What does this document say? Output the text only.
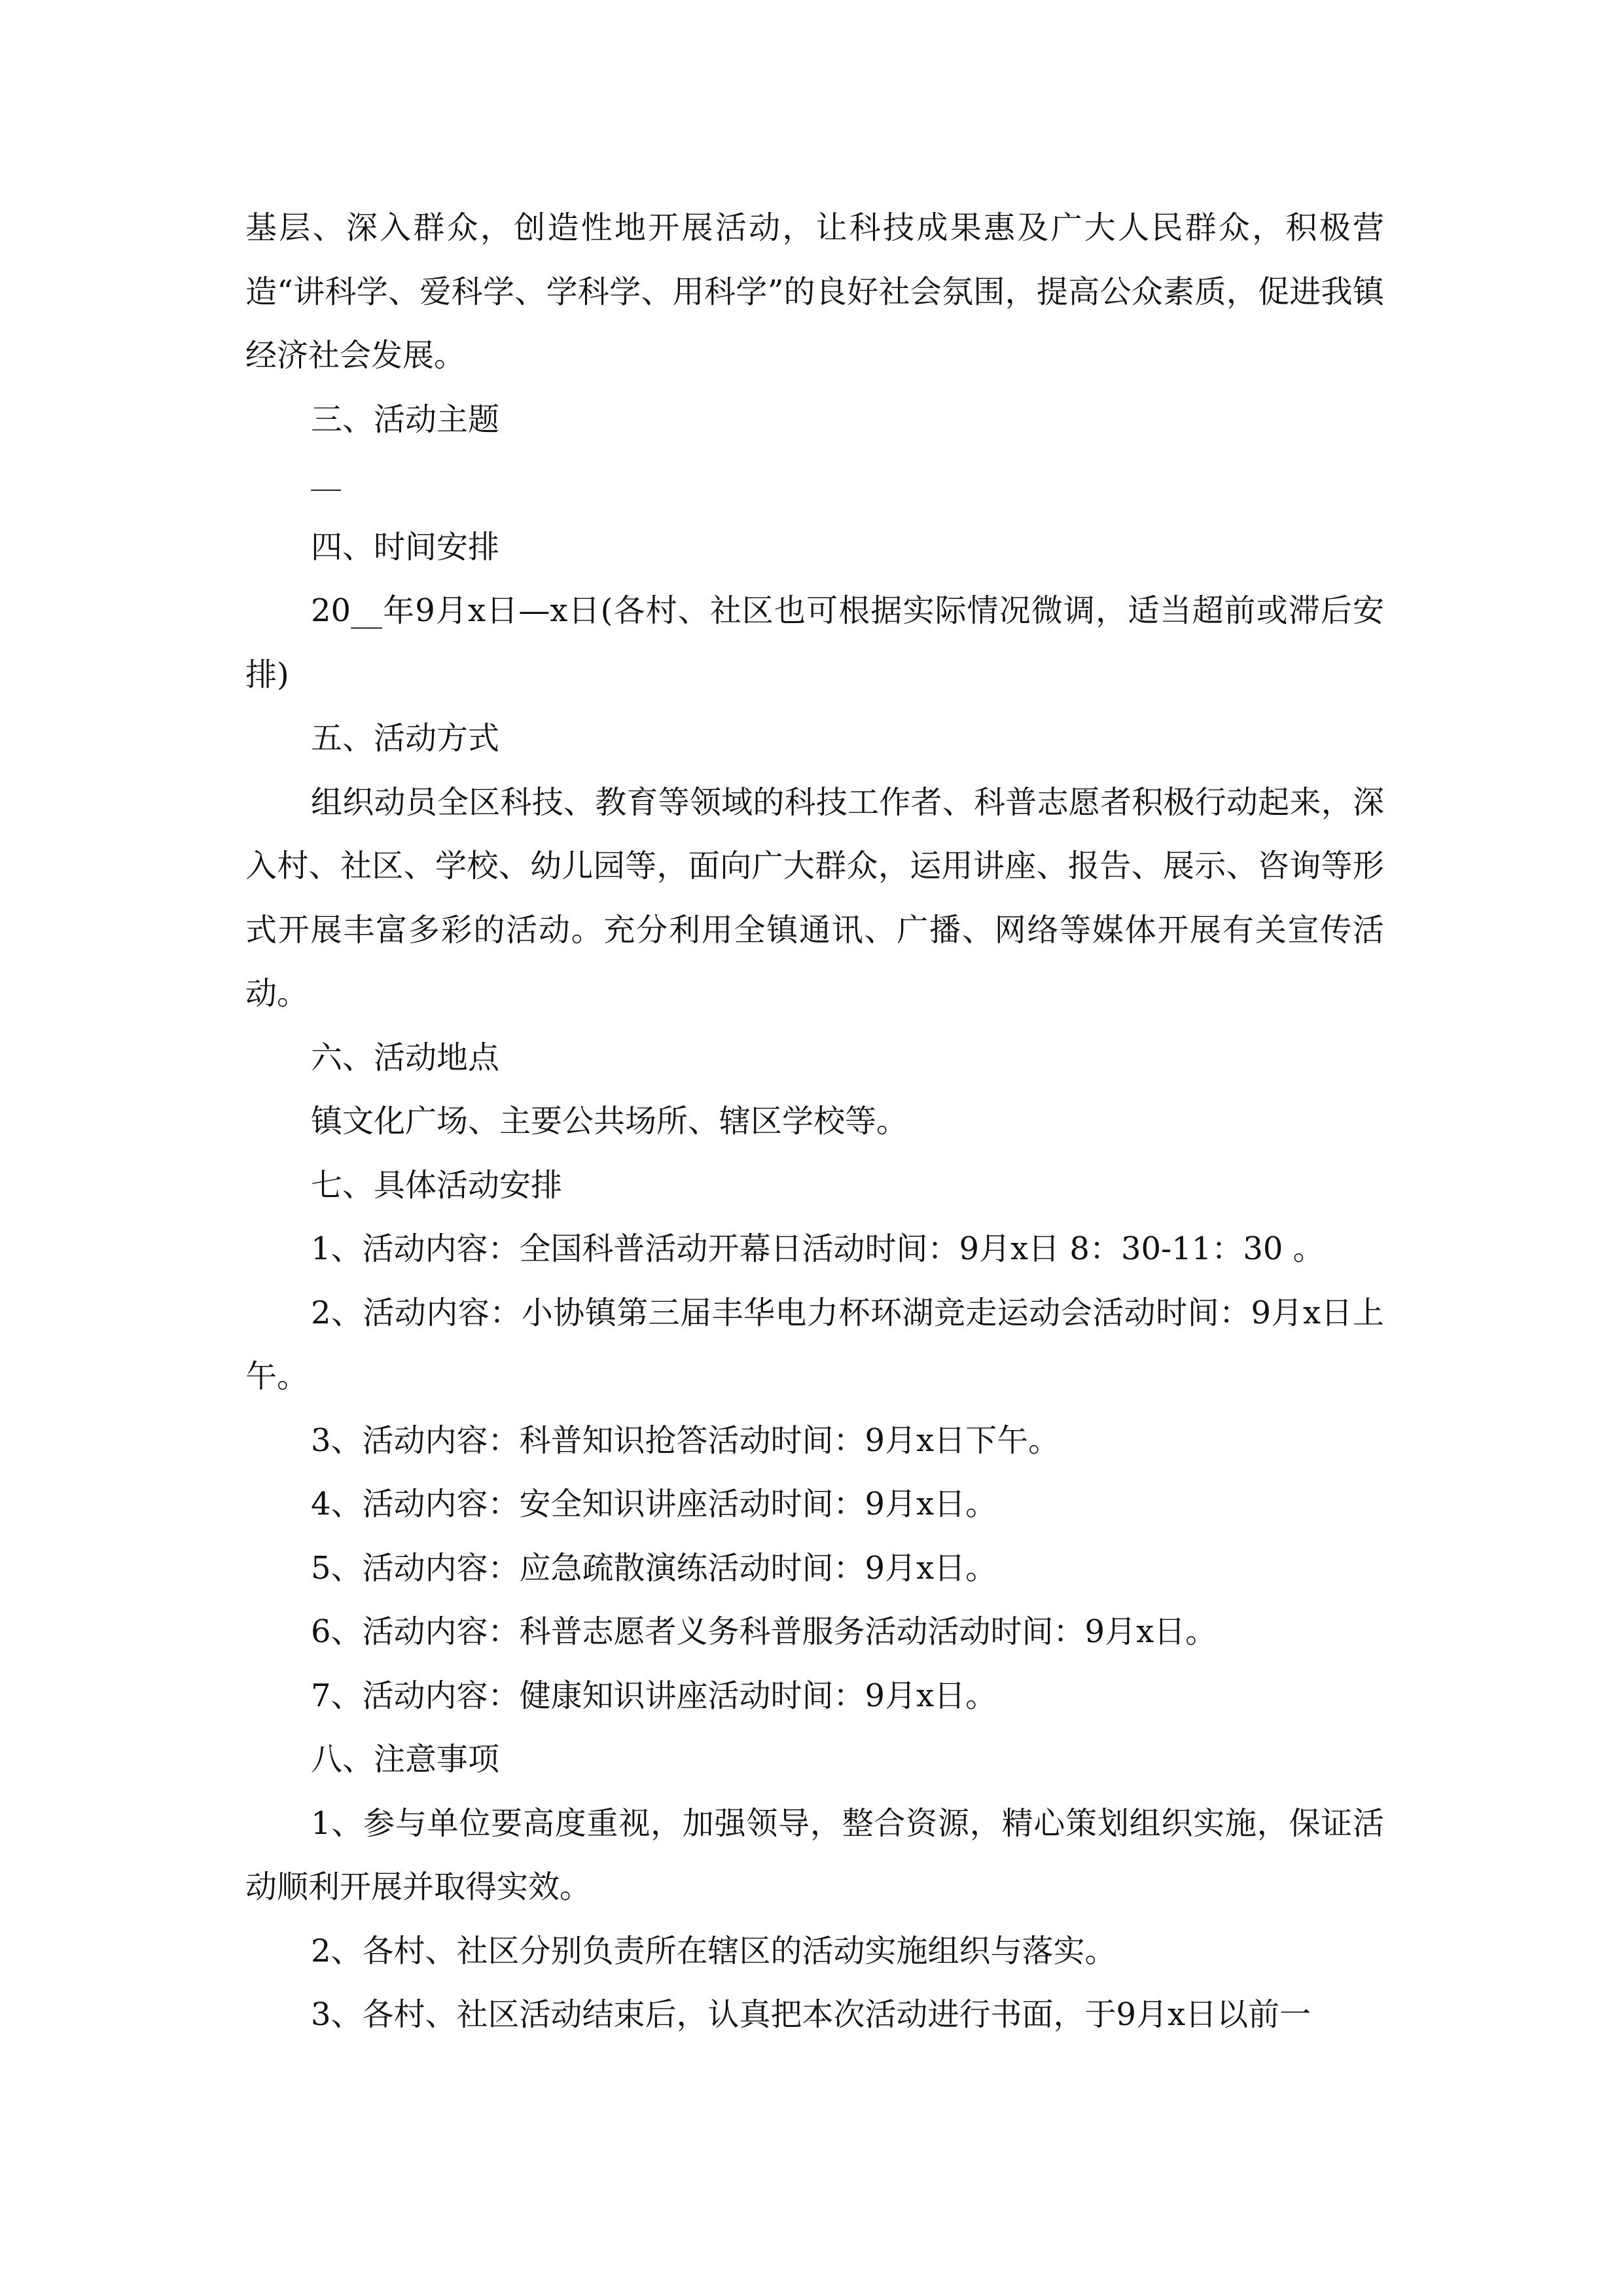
基层、深入群众，创造性地开展活动，让科技成果惠及广大人民群众，积极营造“讲科学、爱科学、学科学、用科学”的良好社会氛围，提高公众素质，促进我镇经济社会发展。

三、活动主题

四、时间安排

20__年9月x日—x日(各村、社区也可根据实际情况微调，适当超前或滞后安排)

五、活动方式

组织动员全区科技、教育等领域的科技工作者、科普志愿者积极行动起来，深入村、社区、学校、幼儿园等，面向广大群众，运用讲座、报告、展示、咨询等形式开展丰富多彩的活动。充分利用全镇通讯、广播、网络等媒体开展有关宣传活动。

六、活动地点

镇文化广场、主要公共场所、辖区学校等。

七、具体活动安排

1、活动内容：全国科普活动开幕日活动时间：9月x日 8：30-11：30 。

2、活动内容：小协镇第三届丰华电力杯环湖竞走运动会活动时间：9月x日上午。

3、活动内容：科普知识抢答活动时间：9月x日下午。

4、活动内容：安全知识讲座活动时间：9月x日。

5、活动内容：应急疏散演练活动时间：9月x日。

6、活动内容：科普志愿者义务科普服务活动活动时间：9月x日。

7、活动内容：健康知识讲座活动时间：9月x日。

八、注意事项

1、参与单位要高度重视，加强领导，整合资源，精心策划组织实施，保证活动顺利开展并取得实效。

2、各村、社区分别负责所在辖区的活动实施组织与落实。

3、各村、社区活动结束后，认真把本次活动进行书面，于9月x日以前一
